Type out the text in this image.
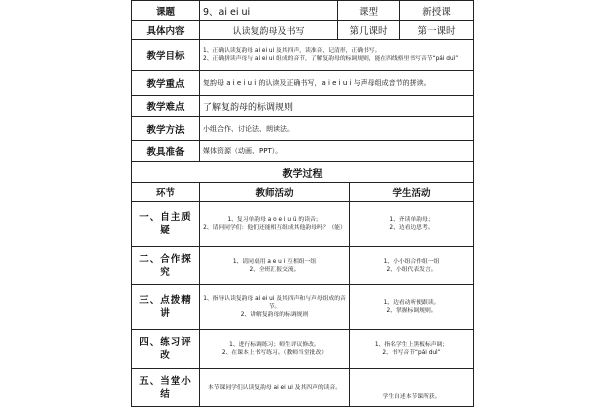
课题	9、ai ei ui	课型	新授课
具体内容	认读复韵母及书写	第几课时	第一课时
教学目标	1、正确认读复韵母 ai ei ui 及其四声，读准音，记清形，正确书写。
2、正确拼读声母与 ai ei ui 组成的音节，了解复韵母的标调规则，能在四线格里书写音节“pái duì”		

教学重点	复韵母 a i e i u i 的认读及正确书写，a i e i u i 与声母组成音节的拼读。		

教学难点	了解复韵母的标调规则		
教学方法	小组合作、讨论法、朗读法。		
教具准备	媒体资源（动画、PPT）。		
教学过程		
环节	教师活动	学生活动
一、自主质疑	1、复习单韵母 a o e i u ü 的读音；
2、请问同学们：他们还能相互组成其他韵母吗？（能）	1、齐读单韵母；
2、边看边思考。

二、合作探究	1、请同桌用 a e u i 互相组一组
2、全班汇报交流。	1、小小组合作组一组
2、小组代表发言。

三、点拨精讲	1、指导认读复韵母 ai ei ui 及其四声和与声母组成的音节。
2、讲解复韵母的标调规则	1、边看动听便跟读。
2、掌握标调规则。

四、练习评改	1、进行标调练习；师生评议修改。
2、在课本上书写练习。（教师当堂批改）	1、指名学生上黑板标声调；
2、书写音节“pái duì”

五、当堂小结	本节课同学们认读复韵母 ai ei ui 及其四声的读音。	学生自述本节课所获。
